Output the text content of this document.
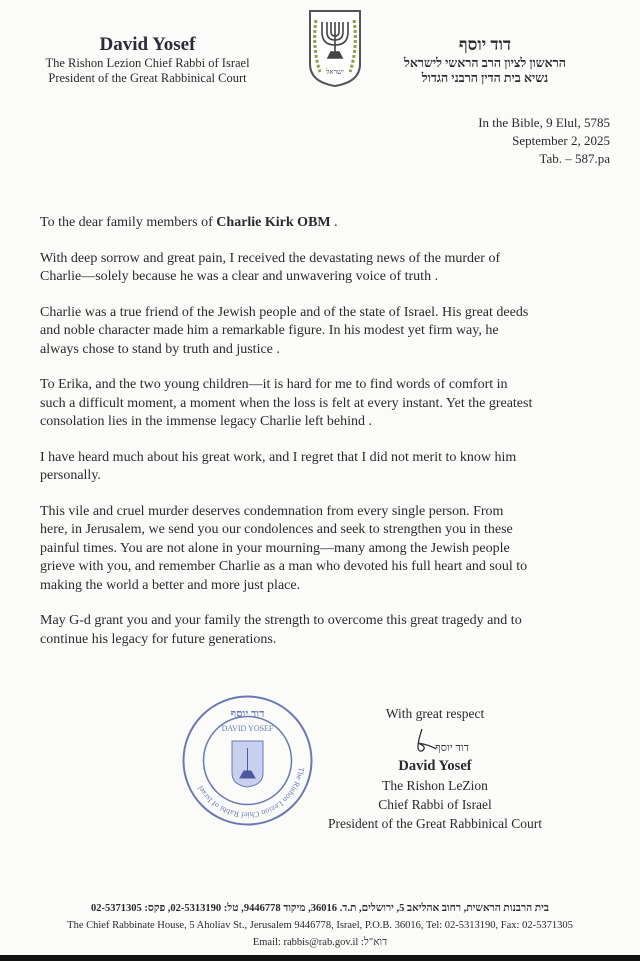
David Yosef
The Rishon Lezion Chief Rabbi of Israel
President of the Great Rabbinical Court	ישראל
דוד יוסף
הראשון לציון הרב הראשי לישראל
נשיא בית הדין הרבני הגדול
In the Bible, 9 Elul, 5785
September 2, 2025
Tab. – 587.pa

To the dear family members of Charlie Kirk OBM .

With deep sorrow and great pain, I received the devastating news of the murder of
Charlie—solely because he was a clear and unwavering voice of truth .

Charlie was a true friend of the Jewish people and of the state of Israel. His great deeds
and noble character made him a remarkable figure. In his modest yet firm way, he
always chose to stand by truth and justice .

To Erika, and the two young children—it is hard for me to find words of comfort in
such a difficult moment, a moment when the loss is felt at every instant. Yet the greatest
consolation lies in the immense legacy Charlie left behind .

I have heard much about his great work, and I regret that I did not merit to know him
personally.

This vile and cruel murder deserves condemnation from every single person. From
here, in Jerusalem, we send you our condolences and seek to strengthen you in these
painful times. You are not alone in your mourning—many among the Jewish people
grieve with you, and remember Charlie as a man who devoted his full heart and soul to
making the world a better and more just place.

May G-d grant you and your family the strength to overcome this great tragedy and to
continue his legacy for future generations.

The Rishon Lezion Chief Rabbi of Israel
דוד יוסף
DAVID YOSEF
With great respect
דוד יוסף
David Yosef
The Rishon LeZion
Chief Rabbi of Israel
President of the Great Rabbinical Court
בית הרבנות הראשית, רחוב אהליאב 5, ירושלים, ת.ד. 36016, מיקוד 9446778, טל: 02-5313190, פקס: 02-5371305
The Chief Rabbinate House, 5 Aholiav St., Jerusalem 9446778, Israel, P.O.B. 36016, Tel: 02-5313190, Fax: 02-5371305
Email: rabbis@rab.gov.il :דוא"ל
